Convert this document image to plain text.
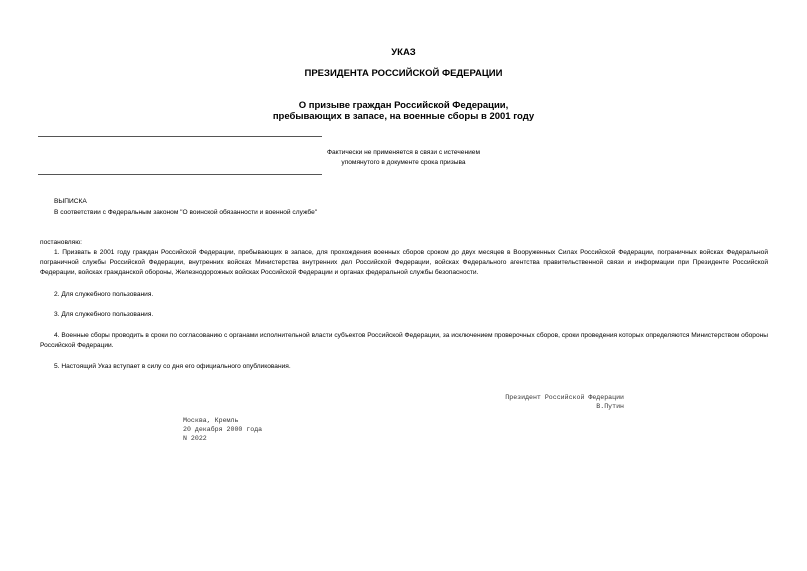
УКАЗ
ПРЕЗИДЕНТА РОССИЙСКОЙ ФЕДЕРАЦИИ
О призыве граждан Российской Федерации,
пребывающих в запасе, на военные сборы в 2001 году
Фактически не применяется в связи с истечением
упомянутого в документе срока призыва
ВЫПИСКА
В соответствии с Федеральным законом "О воинской обязанности и военной службе"
постановляю:

1. Призвать в 2001 году граждан Российской Федерации, пребывающих в запасе, для прохождения военных сборов сроком до двух месяцев в Вооруженных Силах Российской Федерации, пограничных войсках Федеральной пограничной службы Российской Федерации, внутренних войсках Министерства внутренних дел Российской Федерации, войсках Федерального агентства правительственной связи и информации при Президенте Российской Федерации, войсках гражданской обороны, Железнодорожных войсках Российской Федерации и органах федеральной службы безопасности.

2. Для служебного пользования.
3. Для служебного пользования.

4. Военные сборы проводить в сроки по согласованию с органами исполнительной власти субъектов Российской Федерации, за исключением проверочных сборов, сроки проведения которых определяются Министерством обороны Российской Федерации.

5. Настоящий Указ вступает в силу со дня его официального опубликования.
Президент Российской Федерации
В.Путин
Москва, Кремль
20 декабря 2000 года
N 2022
